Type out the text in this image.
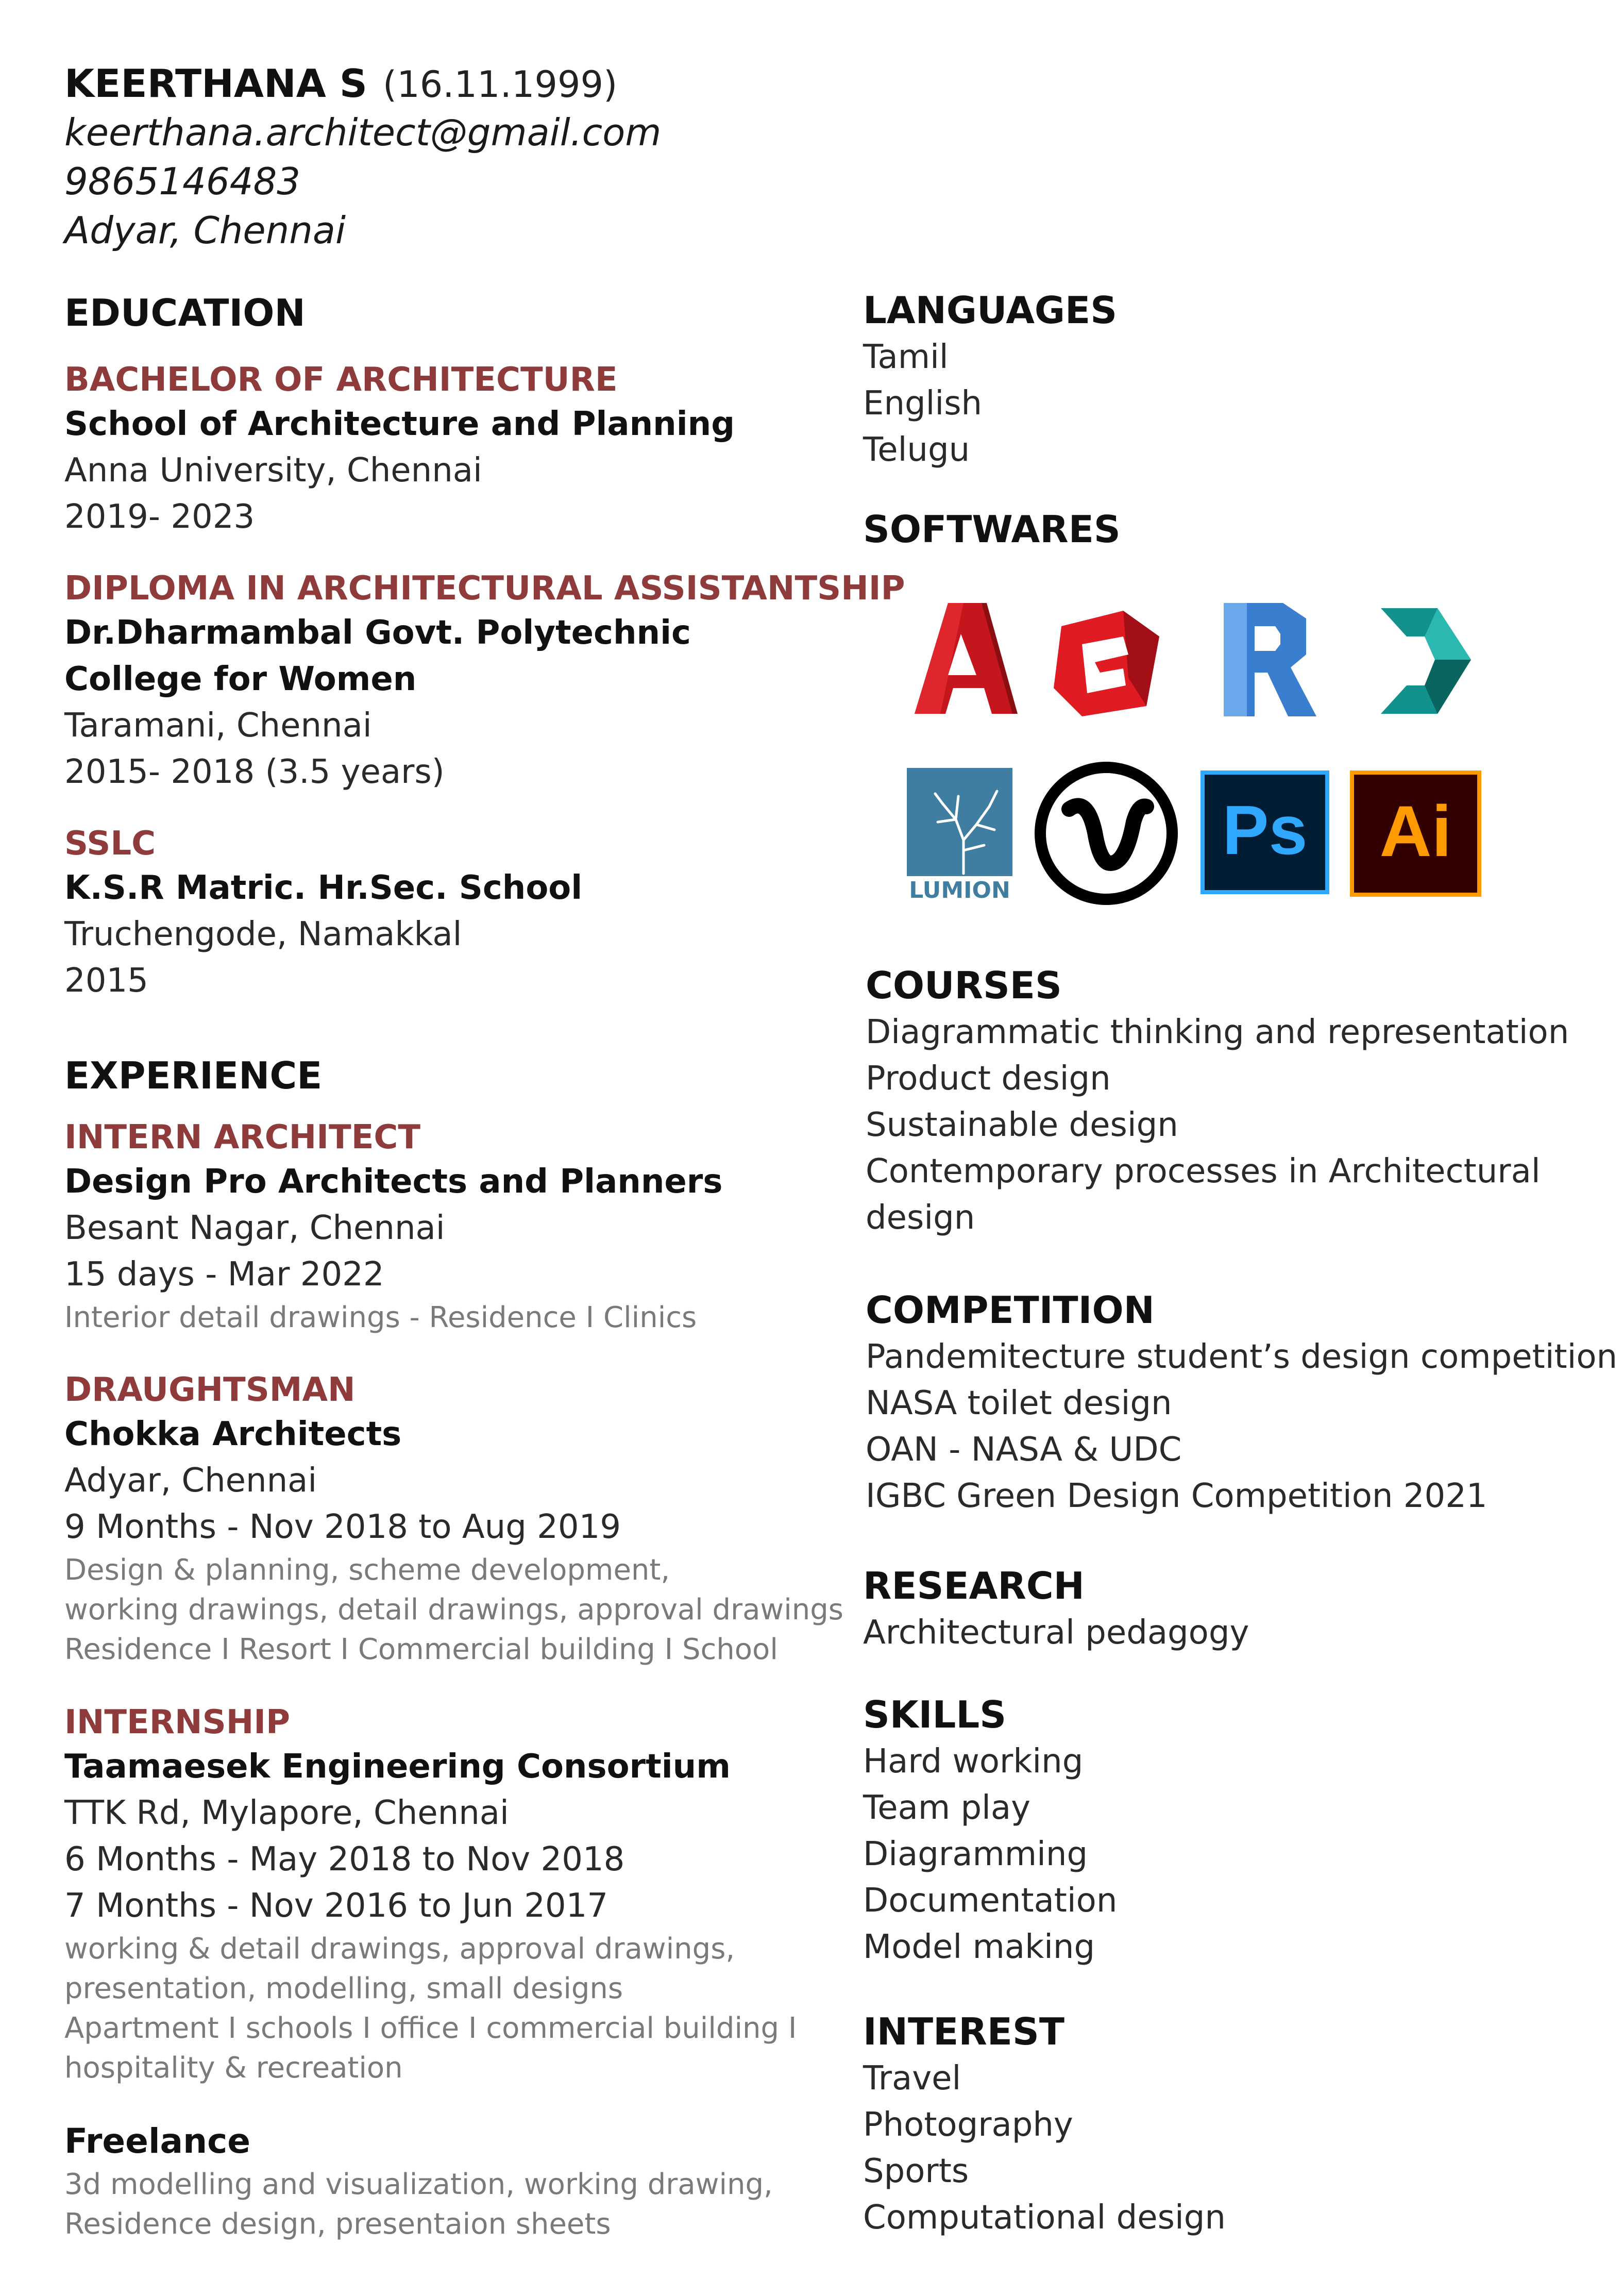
KEERTHANA S (16.11.1999)
keerthana.architect@gmail.com
9865146483
Adyar, Chennai
EDUCATION
BACHELOR OF ARCHITECTURE
School of Architecture and Planning
Anna University, Chennai
2019- 2023
DIPLOMA IN ARCHITECTURAL ASSISTANTSHIP
Dr.Dharmambal Govt. Polytechnic
College for Women
Taramani, Chennai
2015- 2018 (3.5 years)
SSLC
K.S.R Matric. Hr.Sec. School
Truchengode, Namakkal
2015
EXPERIENCE
INTERN ARCHITECT
Design Pro Architects and Planners
Besant Nagar, Chennai
15 days - Mar 2022
Interior detail drawings - Residence I Clinics
DRAUGHTSMAN
Chokka Architects
Adyar, Chennai
9 Months - Nov 2018 to Aug 2019
Design & planning, scheme development,
working drawings, detail drawings, approval drawings
Residence I Resort I Commercial building I School
INTERNSHIP
Taamaesek Engineering Consortium
TTK Rd, Mylapore, Chennai
6 Months - May 2018 to Nov 2018
7 Months - Nov 2016 to Jun 2017
working & detail drawings, approval drawings,
presentation, modelling, small designs
Apartment I schools I office I commercial building I
hospitality & recreation
Freelance
3d modelling and visualization, working drawing,
Residence design, presentaion sheets
LANGUAGES
Tamil
English
Telugu
SOFTWARES
LUMION
Ps Ai
COURSES
Diagrammatic thinking and representation
Product design
Sustainable design
Contemporary processes in Architectural
design
COMPETITION
Pandemitecture student’s design competition
NASA toilet design
OAN - NASA & UDC
IGBC Green Design Competition 2021
RESEARCH
Architectural pedagogy
SKILLS
Hard working
Team play
Diagramming
Documentation
Model making
INTEREST
Travel
Photography
Sports
Computational design
